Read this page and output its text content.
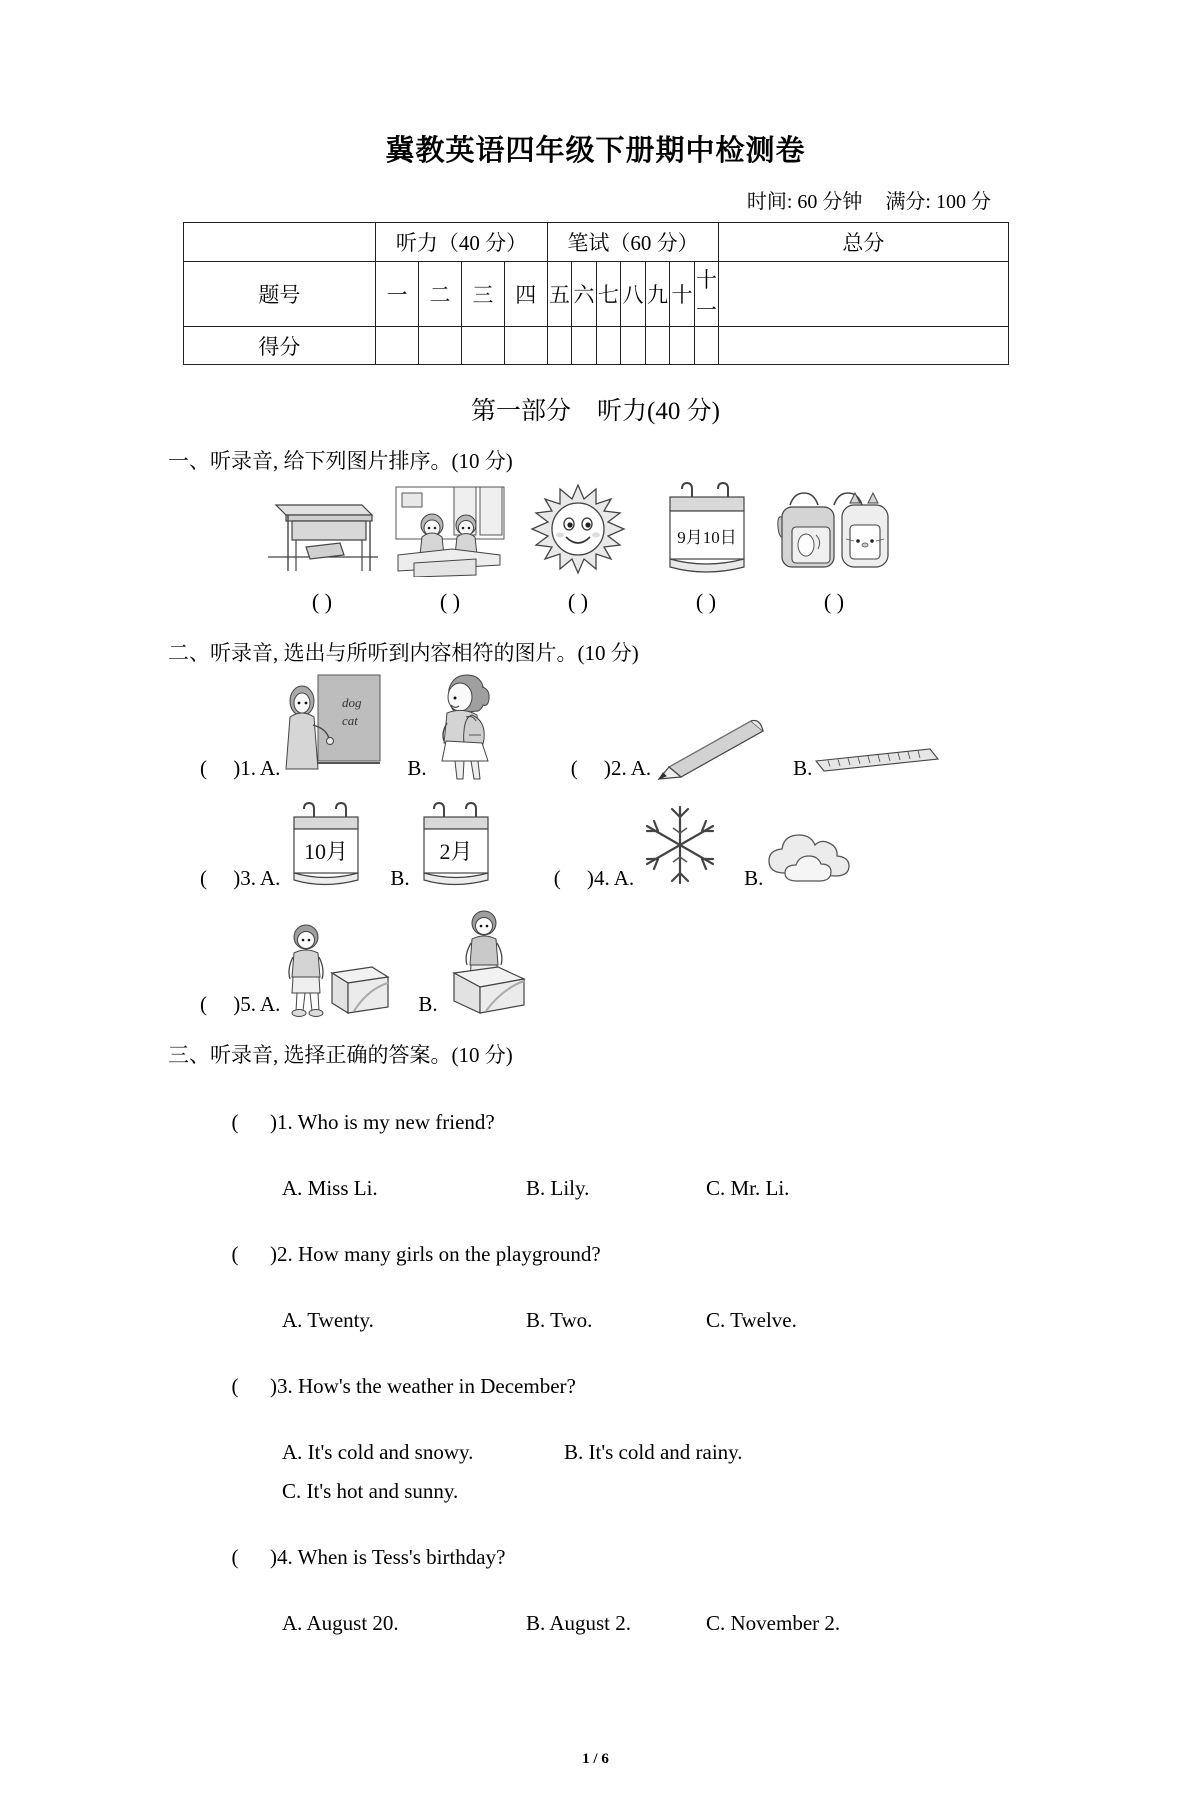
冀教英语四年级下册期中检测卷
时间: 60 分钟 满分: 100 分
	听力（40 分）				笔试（60 分）							总分
题号	一	二	三	四	五	六	七	八	九	十	十一	
得分												
第一部分 听力(40 分)
一、听录音, 给下列图片排序。(10 分)
9月10日
( )	( )	( )	( )	( )
二、听录音, 选出与所听到内容相符的图片。(10 分)
(     ) 1. A.
dog
cat
B.	(     ) 2. A.	B.
(     ) 3. A.
10月
B.
2月
(     ) 4. A.	B.
(     ) 5. A.	B.
三、听录音, 选择正确的答案。(10 分)

(      )1. Who is my new friend?

A. Miss Li.	B. Lily.	C. Mr. Li.

(      )2. How many girls on the playground?

A. Twenty.	B. Two.	C. Twelve.

(      )3. How's the weather in December?

A. It's cold and snowy.	B. It's cold and rainy.
C. It's hot and sunny.

(      )4. When is Tess's birthday?

A. August 20.	B. August 2.	C. November 2.
1 / 6
